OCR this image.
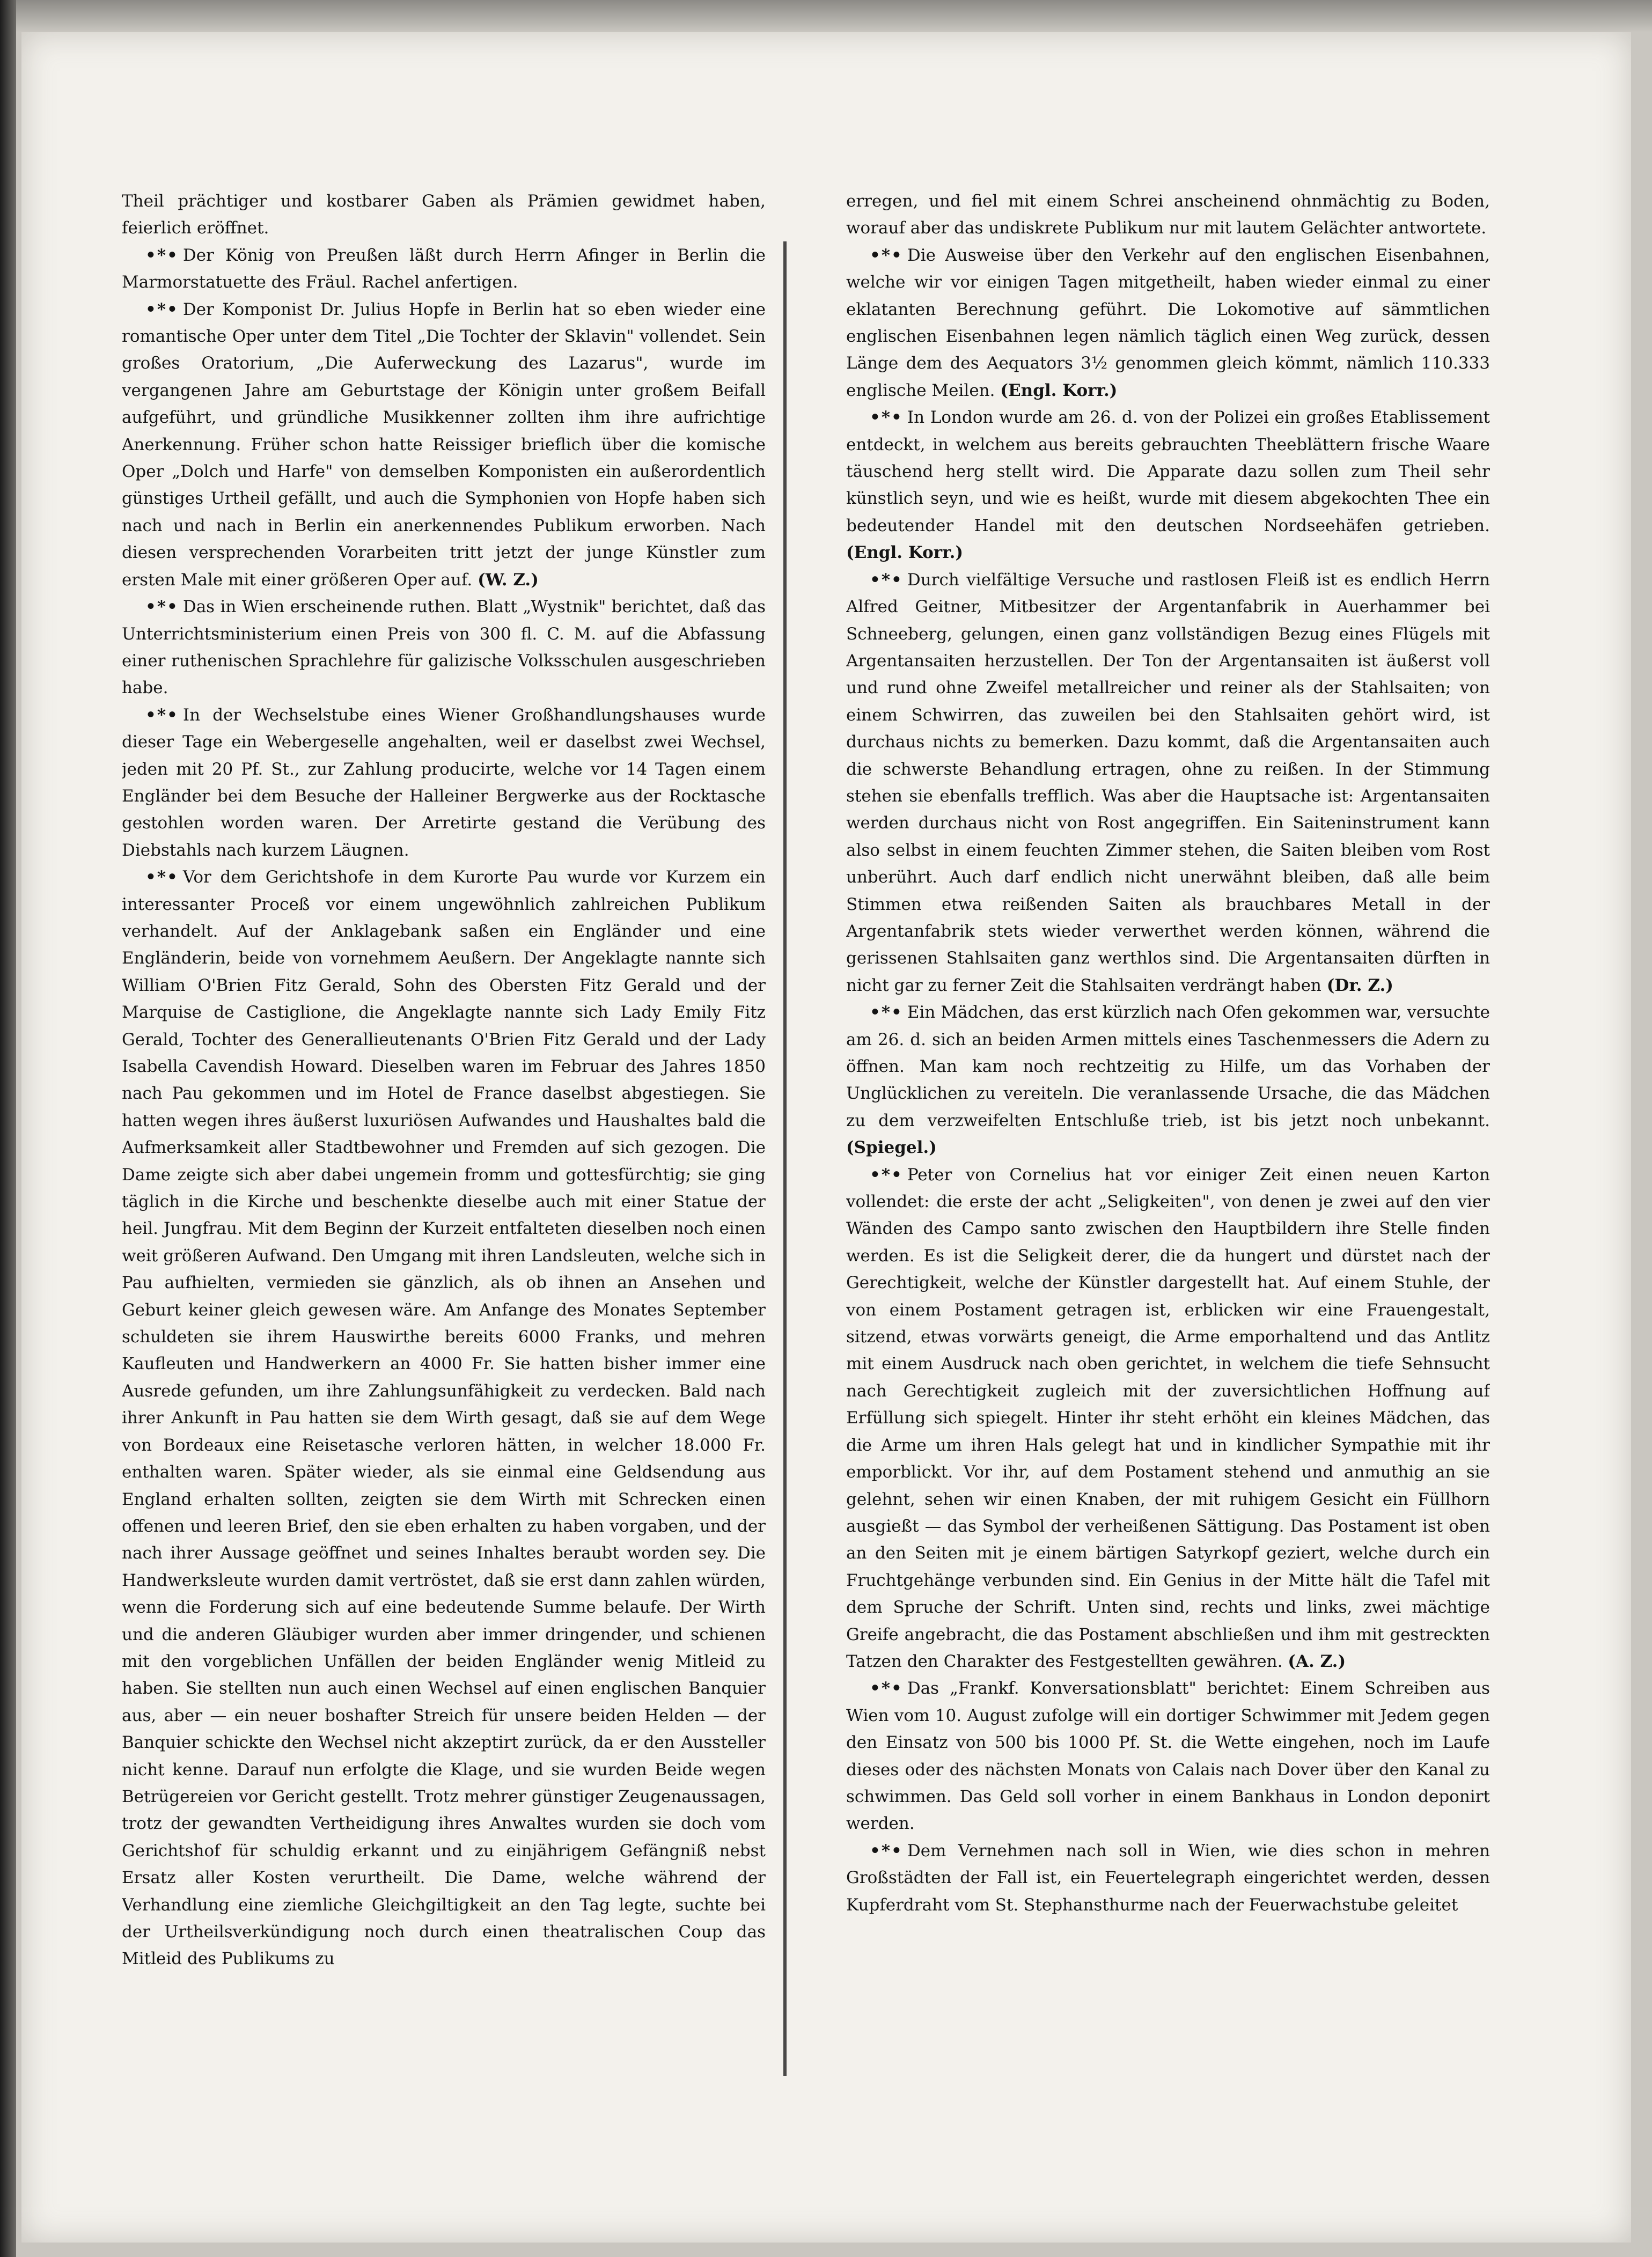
Theil prächtiger und kostbarer Gaben als Prämien gewidmet haben, feierlich eröffnet.

•*• Der König von Preußen läßt durch Herrn Afinger in Berlin die Marmorstatuette des Fräul. Rachel anfertigen.

•*• Der Komponist Dr. Julius Hopfe in Berlin hat so eben wieder eine romantische Oper unter dem Titel „Die Tochter der Sklavin" vollendet. Sein großes Oratorium, „Die Auferweckung des Lazarus", wurde im vergangenen Jahre am Geburtstage der Königin unter großem Beifall aufgeführt, und gründliche Musikkenner zollten ihm ihre aufrichtige Anerkennung. Früher schon hatte Reissiger brieflich über die komische Oper „Dolch und Harfe" von demselben Komponisten ein außerordentlich günstiges Urtheil gefällt, und auch die Symphonien von Hopfe haben sich nach und nach in Berlin ein anerkennendes Publikum erworben. Nach diesen versprechenden Vorarbeiten tritt jetzt der junge Künstler zum ersten Male mit einer größeren Oper auf. (W. Z.)

•*• Das in Wien erscheinende ruthen. Blatt „Wystnik" berichtet, daß das Unterrichtsministerium einen Preis von 300 fl. C. M. auf die Abfassung einer ruthenischen Sprachlehre für galizische Volksschulen ausgeschrieben habe.

•*• In der Wechselstube eines Wiener Großhandlungshauses wurde dieser Tage ein Webergeselle angehalten, weil er daselbst zwei Wechsel, jeden mit 20 Pf. St., zur Zahlung producirte, welche vor 14 Tagen einem Engländer bei dem Besuche der Halleiner Bergwerke aus der Rocktasche gestohlen worden waren. Der Arretirte gestand die Verübung des Diebstahls nach kurzem Läugnen.

•*• Vor dem Gerichtshofe in dem Kurorte Pau wurde vor Kurzem ein interessanter Proceß vor einem ungewöhnlich zahlreichen Publikum verhandelt. Auf der Anklagebank saßen ein Engländer und eine Engländerin, beide von vornehmem Aeußern. Der Angeklagte nannte sich William O'Brien Fitz Gerald, Sohn des Obersten Fitz Gerald und der Marquise de Castiglione, die Angeklagte nannte sich Lady Emily Fitz Gerald, Tochter des Generallieutenants O'Brien Fitz Gerald und der Lady Isabella Cavendish Howard. Dieselben waren im Februar des Jahres 1850 nach Pau gekommen und im Hotel de France daselbst abgestiegen. Sie hatten wegen ihres äußerst luxuriösen Aufwandes und Haushaltes bald die Aufmerksamkeit aller Stadtbewohner und Fremden auf sich gezogen. Die Dame zeigte sich aber dabei ungemein fromm und gottesfürchtig; sie ging täglich in die Kirche und beschenkte dieselbe auch mit einer Statue der heil. Jungfrau. Mit dem Beginn der Kurzeit entfalteten dieselben noch einen weit größeren Aufwand. Den Umgang mit ihren Landsleuten, welche sich in Pau aufhielten, vermieden sie gänzlich, als ob ihnen an Ansehen und Geburt keiner gleich gewesen wäre. Am Anfange des Monates September schuldeten sie ihrem Hauswirthe bereits 6000 Franks, und mehren Kaufleuten und Handwerkern an 4000 Fr. Sie hatten bisher immer eine Ausrede gefunden, um ihre Zahlungsunfähigkeit zu verdecken. Bald nach ihrer Ankunft in Pau hatten sie dem Wirth gesagt, daß sie auf dem Wege von Bordeaux eine Reisetasche verloren hätten, in welcher 18.000 Fr. enthalten waren. Später wieder, als sie einmal eine Geldsendung aus England erhalten sollten, zeigten sie dem Wirth mit Schrecken einen offenen und leeren Brief, den sie eben erhalten zu haben vorgaben, und der nach ihrer Aussage geöffnet und seines Inhaltes beraubt worden sey. Die Handwerksleute wurden damit vertröstet, daß sie erst dann zahlen würden, wenn die Forderung sich auf eine bedeutende Summe belaufe. Der Wirth und die anderen Gläubiger wurden aber immer dringender, und schienen mit den vorgeblichen Unfällen der beiden Engländer wenig Mitleid zu haben. Sie stellten nun auch einen Wechsel auf einen englischen Banquier aus, aber — ein neuer boshafter Streich für unsere beiden Helden — der Banquier schickte den Wechsel nicht akzeptirt zurück, da er den Aussteller nicht kenne. Darauf nun erfolgte die Klage, und sie wurden Beide wegen Betrügereien vor Gericht gestellt. Trotz mehrer günstiger Zeugenaussagen, trotz der gewandten Vertheidigung ihres Anwaltes wurden sie doch vom Gerichtshof für schuldig erkannt und zu einjährigem Gefängniß nebst Ersatz aller Kosten verurtheilt. Die Dame, welche während der Verhandlung eine ziemliche Gleichgiltigkeit an den Tag legte, suchte bei der Urtheilsverkündigung noch durch einen theatralischen Coup das Mitleid des Publikums zu

erregen, und fiel mit einem Schrei anscheinend ohnmächtig zu Boden, worauf aber das undiskrete Publikum nur mit lautem Gelächter antwortete.

•*• Die Ausweise über den Verkehr auf den englischen Eisenbahnen, welche wir vor einigen Tagen mitgetheilt, haben wieder einmal zu einer eklatanten Berechnung geführt. Die Lokomotive auf sämmtlichen englischen Eisenbahnen legen nämlich täglich einen Weg zurück, dessen Länge dem des Aequators 3½ genommen gleich kömmt, nämlich 110.333 englische Meilen. (Engl. Korr.)

•*• In London wurde am 26. d. von der Polizei ein großes Etablissement entdeckt, in welchem aus bereits gebrauchten Theeblättern frische Waare täuschend herg stellt wird. Die Apparate dazu sollen zum Theil sehr künstlich seyn, und wie es heißt, wurde mit diesem abgekochten Thee ein bedeutender Handel mit den deutschen Nordseehäfen getrieben. (Engl. Korr.)

•*• Durch vielfältige Versuche und rastlosen Fleiß ist es endlich Herrn Alfred Geitner, Mitbesitzer der Argentanfabrik in Auerhammer bei Schneeberg, gelungen, einen ganz vollständigen Bezug eines Flügels mit Argentansaiten herzustellen. Der Ton der Argentansaiten ist äußerst voll und rund ohne Zweifel metallreicher und reiner als der Stahlsaiten; von einem Schwirren, das zuweilen bei den Stahlsaiten gehört wird, ist durchaus nichts zu bemerken. Dazu kommt, daß die Argentansaiten auch die schwerste Behandlung ertragen, ohne zu reißen. In der Stimmung stehen sie ebenfalls trefflich. Was aber die Hauptsache ist: Argentansaiten werden durchaus nicht von Rost angegriffen. Ein Saiteninstrument kann also selbst in einem feuchten Zimmer stehen, die Saiten bleiben vom Rost unberührt. Auch darf endlich nicht unerwähnt bleiben, daß alle beim Stimmen etwa reißenden Saiten als brauchbares Metall in der Argentanfabrik stets wieder verwerthet werden können, während die gerissenen Stahlsaiten ganz werthlos sind. Die Argentansaiten dürften in nicht gar zu ferner Zeit die Stahlsaiten verdrängt haben (Dr. Z.)

•*• Ein Mädchen, das erst kürzlich nach Ofen gekommen war, versuchte am 26. d. sich an beiden Armen mittels eines Taschenmessers die Adern zu öffnen. Man kam noch rechtzeitig zu Hilfe, um das Vorhaben der Unglücklichen zu vereiteln. Die veranlassende Ursache, die das Mädchen zu dem verzweifelten Entschluße trieb, ist bis jetzt noch unbekannt. (Spiegel.)

•*• Peter von Cornelius hat vor einiger Zeit einen neuen Karton vollendet: die erste der acht „Seligkeiten", von denen je zwei auf den vier Wänden des Campo santo zwischen den Hauptbildern ihre Stelle finden werden. Es ist die Seligkeit derer, die da hungert und dürstet nach der Gerechtigkeit, welche der Künstler dargestellt hat. Auf einem Stuhle, der von einem Postament getragen ist, erblicken wir eine Frauengestalt, sitzend, etwas vorwärts geneigt, die Arme emporhaltend und das Antlitz mit einem Ausdruck nach oben gerichtet, in welchem die tiefe Sehnsucht nach Gerechtigkeit zugleich mit der zuversichtlichen Hoffnung auf Erfüllung sich spiegelt. Hinter ihr steht erhöht ein kleines Mädchen, das die Arme um ihren Hals gelegt hat und in kindlicher Sympathie mit ihr emporblickt. Vor ihr, auf dem Postament stehend und anmuthig an sie gelehnt, sehen wir einen Knaben, der mit ruhigem Gesicht ein Füllhorn ausgießt — das Symbol der verheißenen Sättigung. Das Postament ist oben an den Seiten mit je einem bärtigen Satyrkopf geziert, welche durch ein Fruchtgehänge verbunden sind. Ein Genius in der Mitte hält die Tafel mit dem Spruche der Schrift. Unten sind, rechts und links, zwei mächtige Greife angebracht, die das Postament abschließen und ihm mit gestreckten Tatzen den Charakter des Festgestellten gewähren. (A. Z.)

•*• Das „Frankf. Konversationsblatt" berichtet: Einem Schreiben aus Wien vom 10. August zufolge will ein dortiger Schwimmer mit Jedem gegen den Einsatz von 500 bis 1000 Pf. St. die Wette eingehen, noch im Laufe dieses oder des nächsten Monats von Calais nach Dover über den Kanal zu schwimmen. Das Geld soll vorher in einem Bankhaus in London deponirt werden.

•*• Dem Vernehmen nach soll in Wien, wie dies schon in mehren Großstädten der Fall ist, ein Feuertelegraph eingerichtet werden, dessen Kupferdraht vom St. Stephansthurme nach der Feuerwachstube geleitet
